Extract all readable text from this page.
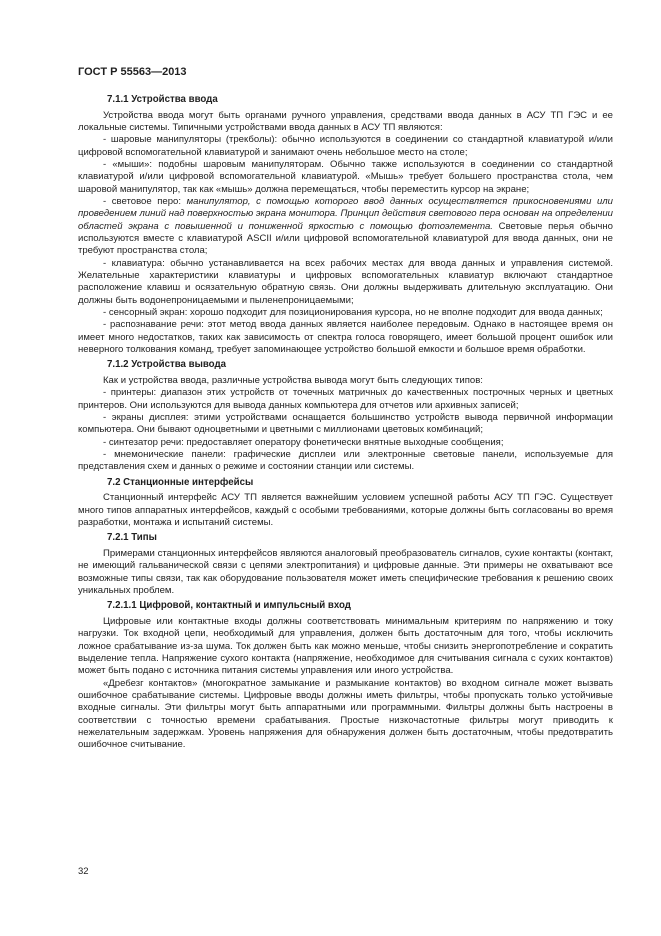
ГОСТ Р 55563—2013

7.1.1 Устройства ввода

Устройства ввода могут быть органами ручного управления, средствами ввода данных в АСУ ТП ГЭС и ее локальные системы. Типичными устройствами ввода данных в АСУ ТП являются:

- шаровые манипуляторы (трекболы): обычно используются в соединении со стандартной клавиатурой и/или цифровой вспомогательной клавиатурой и занимают очень небольшое место на столе;

- «мыши»: подобны шаровым манипуляторам. Обычно также используются в соединении со стандартной клавиатурой и/или цифровой вспомогательной клавиатурой. «Мышь» требует большего пространства стола, чем шаровой манипулятор, так как «мышь» должна перемещаться, чтобы переместить курсор на экране;

- световое перо: манипулятор, с помощью которого ввод данных осуществляется прикосновениями или проведением линий над поверхностью экрана монитора. Принцип действия светового пера основан на определении областей экрана с повышенной и пониженной яркостью с помощью фотоэлемента. Световые перья обычно используются вместе с клавиатурой ASCII и/или цифровой вспомогательной клавиатурой для ввода данных, они не требуют пространства стола;

- клавиатура: обычно устанавливается на всех рабочих местах для ввода данных и управления системой. Желательные характеристики клавиатуры и цифровых вспомогательных клавиатур включают стандартное расположение клавиш и осязательную обратную связь. Они должны выдерживать длительную эксплуатацию. Они должны быть водонепроницаемыми и пыленепроницаемыми;

- сенсорный экран: хорошо подходит для позиционирования курсора, но не вполне подходит для ввода данных;

- распознавание речи: этот метод ввода данных является наиболее передовым. Однако в настоящее время он имеет много недостатков, таких как зависимость от спектра голоса говорящего, имеет большой процент ошибок или неверного толкования команд, требует запоминающее устройство большой емкости и большое время обработки.

7.1.2 Устройства вывода

Как и устройства ввода, различные устройства вывода могут быть следующих типов:

- принтеры: диапазон этих устройств от точечных матричных до качественных построчных черных и цветных принтеров. Они используются для вывода данных компьютера для отчетов или архивных записей;

- экраны дисплея: этими устройствами оснащается большинство устройств вывода первичной информации компьютера. Они бывают одноцветными и цветными с миллионами цветовых комбинаций;

- синтезатор речи: предоставляет оператору фонетически внятные выходные сообщения;

- мнемонические панели: графические дисплеи или электронные световые панели, используемые для представления схем и данных о режиме и состоянии станции или системы.

7.2 Станционные интерфейсы

Станционный интерфейс АСУ ТП является важнейшим условием успешной работы АСУ ТП ГЭС. Существует много типов аппаратных интерфейсов, каждый с особыми требованиями, которые должны быть согласованы во время разработки, монтажа и испытаний системы.

7.2.1 Типы

Примерами станционных интерфейсов являются аналоговый преобразователь сигналов, сухие контакты (контакт, не имеющий гальванической связи с цепями электропитания) и цифровые данные. Эти примеры не охватывают все возможные типы связи, так как оборудование пользователя может иметь специфические требования к решению своих уникальных проблем.

7.2.1.1 Цифровой, контактный и импульсный вход

Цифровые или контактные входы должны соответствовать минимальным критериям по напряжению и току нагрузки. Ток входной цепи, необходимый для управления, должен быть достаточным для того, чтобы исключить ложное срабатывание из-за шума. Ток должен быть как можно меньше, чтобы снизить энергопотребление и сократить выделение тепла. Напряжение сухого контакта (напряжение, необходимое для считывания сигнала с сухих контактов) может быть подано с источника питания системы управления или иного устройства.

«Дребезг контактов» (многократное замыкание и размыкание контактов) во входном сигнале может вызвать ошибочное срабатывание системы. Цифровые вводы должны иметь фильтры, чтобы пропускать только устойчивые входные сигналы. Эти фильтры могут быть аппаратными или программными. Фильтры должны быть настроены в соответствии с точностью времени срабатывания. Простые низкочастотные фильтры могут приводить к нежелательным задержкам. Уровень напряжения для обнаружения должен быть достаточным, чтобы предотвратить ошибочное считывание.

32
